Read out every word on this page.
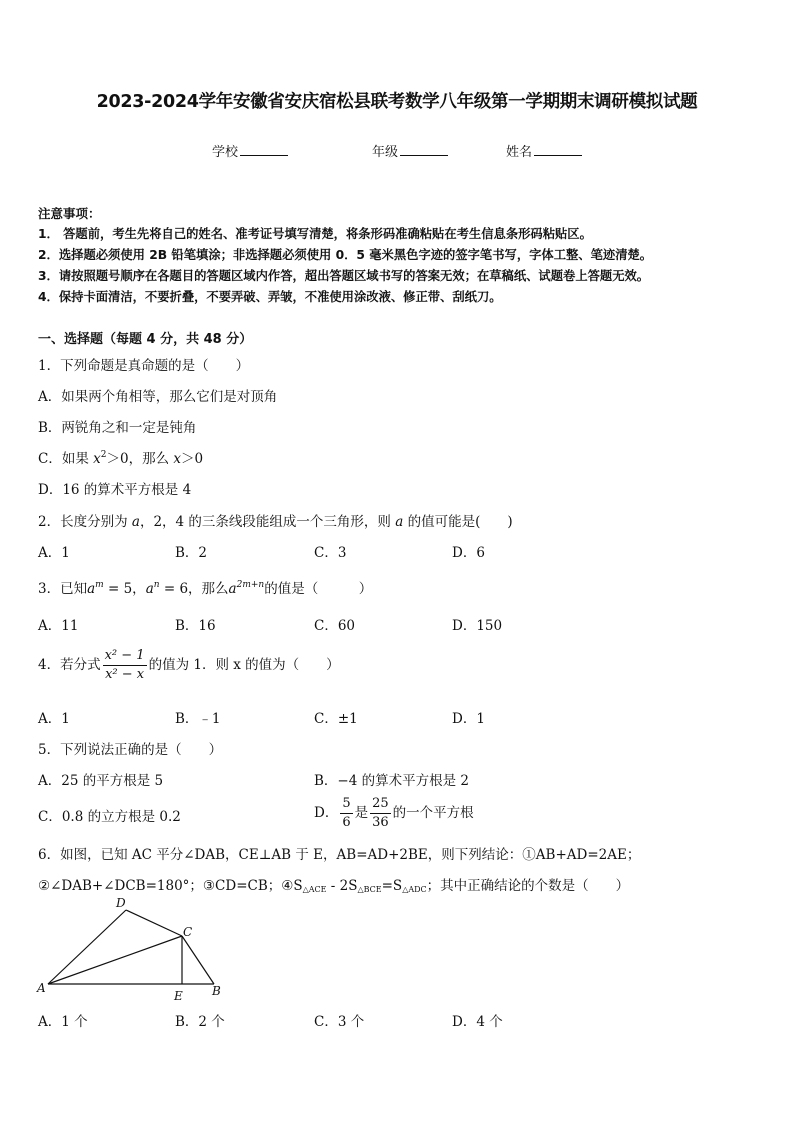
2023-2024学年安徽省安庆宿松县联考数学八年级第一学期期末调研模拟试题
学校	年级	姓名
注意事项：
1． 答题前，考生先将自己的姓名、准考证号填写清楚，将条形码准确粘贴在考生信息条形码粘贴区。
2．选择题必须使用 2B 铅笔填涂；非选择题必须使用 0．5 毫米黑色字迹的签字笔书写，字体工整、笔迹清楚。
3．请按照题号顺序在各题目的答题区域内作答，超出答题区域书写的答案无效；在草稿纸、试题卷上答题无效。
4．保持卡面清洁，不要折叠，不要弄破、弄皱，不准使用涂改液、修正带、刮纸刀。
一、选择题（每题 4 分，共 48 分）
1．下列命题是真命题的是（　　）
A．如果两个角相等，那么它们是对顶角
B．两锐角之和一定是钝角
C．如果 $x^2>0$，那么 x＞0
D．16 的算术平方根是 4
2．长度分别为 a，2，4 的三条线段能组成一个三角形，则 a 的值可能是(　　)
A．1	B．2	C．3	D．6
3．已知$a^m = 5$，$a^n = 6$，那么$a^{2m+n}$的值是（　　　）
A．11	B．16	C．60	D．150
4．若分式 $\frac{\text{x² − 1}}{\text{x² − x}}$ 的值为 1．则 x 的值为（　　）
A．1	B．﹣1	C．±1	D．1
5．下列说法正确的是（　　）
A．25 的平方根是 5	B．−4 的算术平方根是 2
C．0.8 的立方根是 0.2	D． $\frac{5}{6}$ 是 $\frac{25}{36}$ 的一个平方根
6．如图，已知 AC 平分∠DAB，CE⊥AB 于 E，AB=AD+2BE，则下列结论：①AB+AD=2AE；
②∠DAB+∠DCB=180°；③CD=CB；$④S_{\triangle ACE} - 2S_{\triangle BCE}=S_{\triangle ADC}$；其中正确结论的个数是（　　）
A
D
C
E B
A．1 个	B．2 个	C．3 个	D．4 个
